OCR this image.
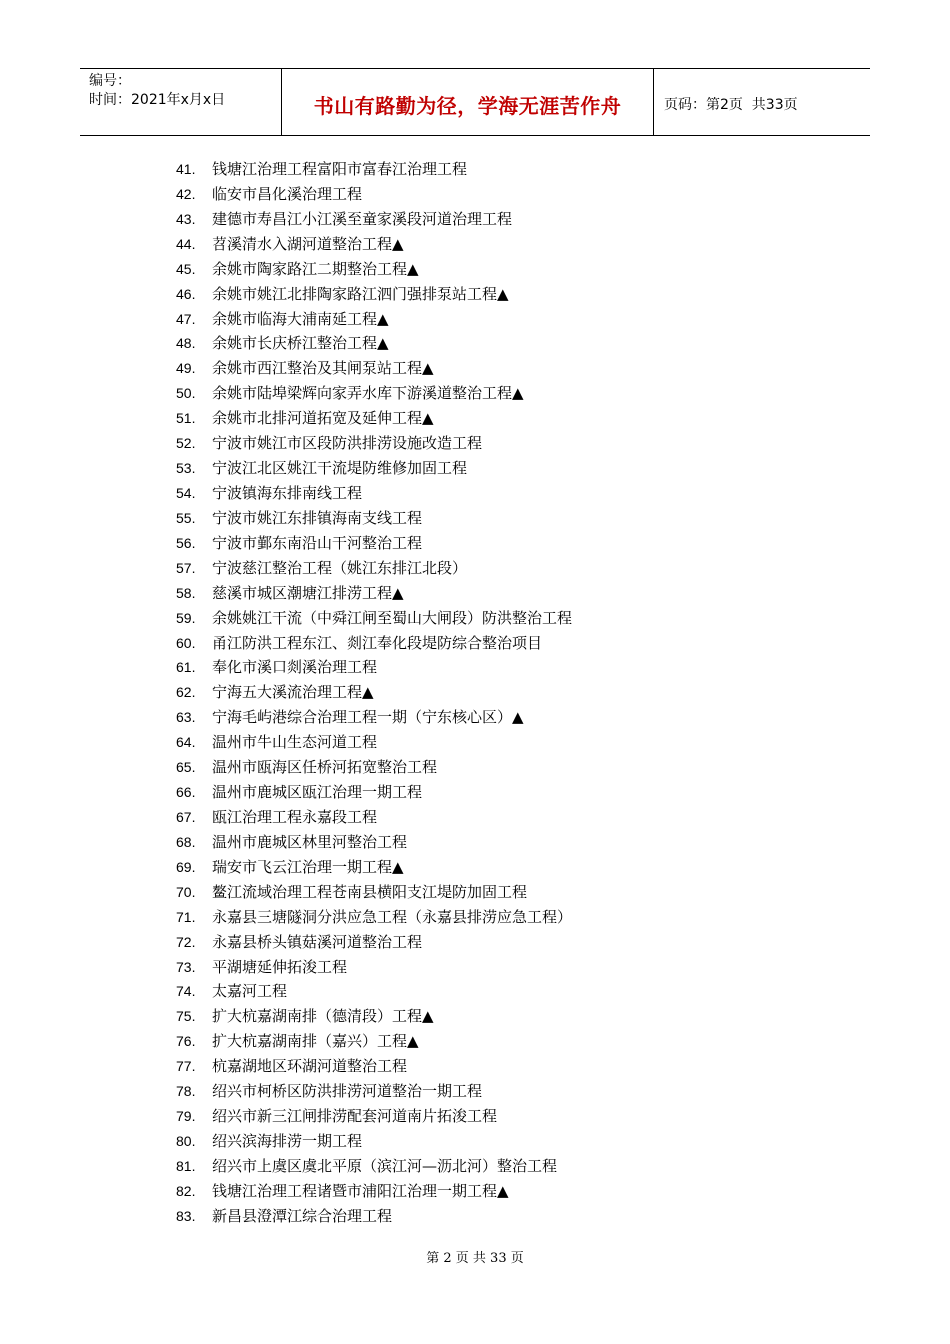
编号：
时间：2021年x月x日	书山有路勤为径，学海无涯苦作舟	页码：第2页  共33页
41. 钱塘江治理工程富阳市富春江治理工程
42. 临安市昌化溪治理工程
43. 建德市寿昌江小江溪至童家溪段河道治理工程
44. 苕溪清水入湖河道整治工程▲
45. 余姚市陶家路江二期整治工程▲
46. 余姚市姚江北排陶家路江泗门强排泵站工程▲
47. 余姚市临海大浦南延工程▲
48. 余姚市长庆桥江整治工程▲
49. 余姚市西江整治及其闸泵站工程▲
50. 余姚市陆埠梁辉向家弄水库下游溪道整治工程▲
51. 余姚市北排河道拓宽及延伸工程▲
52. 宁波市姚江市区段防洪排涝设施改造工程
53. 宁波江北区姚江干流堤防维修加固工程
54. 宁波镇海东排南线工程
55. 宁波市姚江东排镇海南支线工程
56. 宁波市鄞东南沿山干河整治工程
57. 宁波慈江整治工程（姚江东排江北段）
58. 慈溪市城区潮塘江排涝工程▲
59. 余姚姚江干流（中舜江闸至蜀山大闸段）防洪整治工程
60. 甬江防洪工程东江、剡江奉化段堤防综合整治项目
61. 奉化市溪口剡溪治理工程
62. 宁海五大溪流治理工程▲
63. 宁海毛屿港综合治理工程一期（宁东核心区）▲
64. 温州市牛山生态河道工程
65. 温州市瓯海区任桥河拓宽整治工程
66. 温州市鹿城区瓯江治理一期工程
67. 瓯江治理工程永嘉段工程
68. 温州市鹿城区林里河整治工程
69. 瑞安市飞云江治理一期工程▲
70. 鳌江流域治理工程苍南县横阳支江堤防加固工程
71. 永嘉县三塘隧洞分洪应急工程（永嘉县排涝应急工程）
72. 永嘉县桥头镇菇溪河道整治工程
73. 平湖塘延伸拓浚工程
74. 太嘉河工程
75. 扩大杭嘉湖南排（德清段）工程▲
76. 扩大杭嘉湖南排（嘉兴）工程▲
77. 杭嘉湖地区环湖河道整治工程
78. 绍兴市柯桥区防洪排涝河道整治一期工程
79. 绍兴市新三江闸排涝配套河道南片拓浚工程
80. 绍兴滨海排涝一期工程
81. 绍兴市上虞区虞北平原（滨江河—沥北河）整治工程
82. 钱塘江治理工程诸暨市浦阳江治理一期工程▲
83. 新昌县澄潭江综合治理工程
第 2 页 共 33 页
